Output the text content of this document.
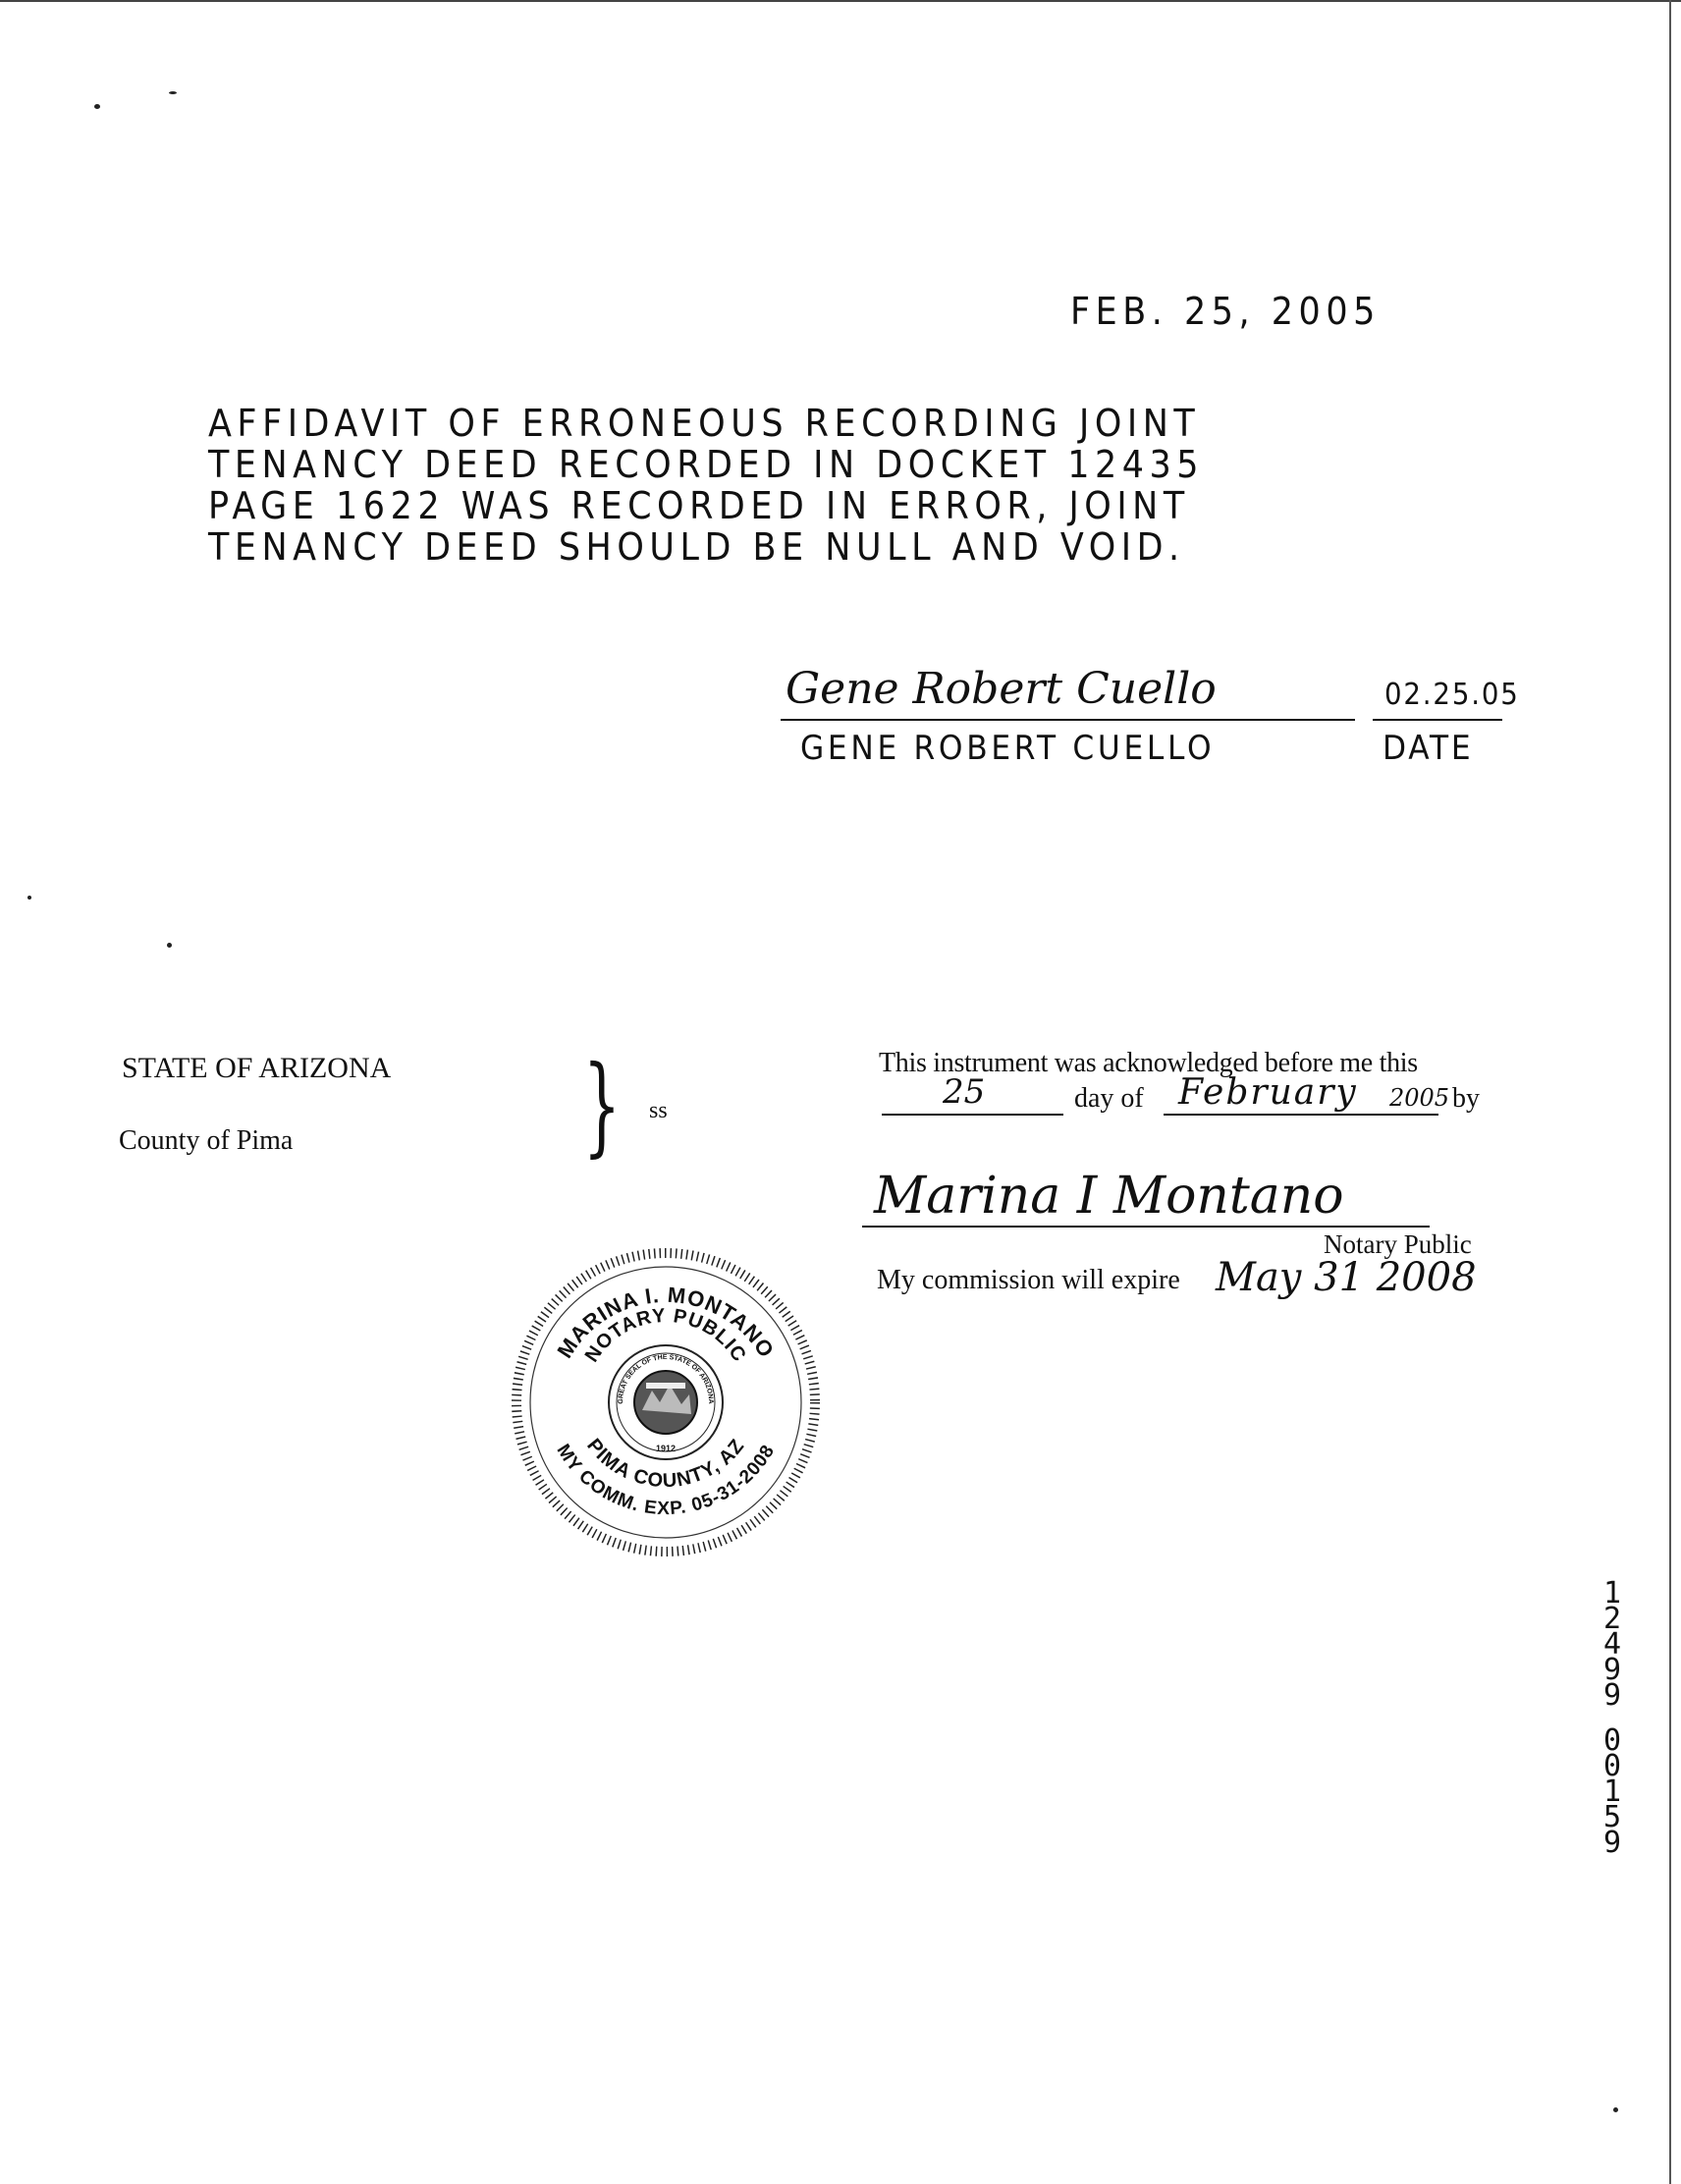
FEB. 25, 2005
AFFIDAVIT OF ERRONEOUS RECORDING JOINT
TENANCY DEED RECORDED IN DOCKET 12435
PAGE 1622 WAS RECORDED IN ERROR, JOINT
TENANCY DEED SHOULD BE NULL AND VOID.
Gene Robert Cuello	02.25.05
GENE ROBERT CUELLO	DATE
STATE OF ARIZONA
County of Pima	} ss
This instrument was acknowledged before me this
25	day of February 2005 by
Marina I Montano
Notary Public
My commission will expire May 31 2008
MARINA I. MONTANO
NOTARY PUBLIC
PIMA COUNTY, AZ
MY COMM. EXP. 05-31-2008
GREAT SEAL OF THE STATE OF ARIZONA
1912
12499
00159
